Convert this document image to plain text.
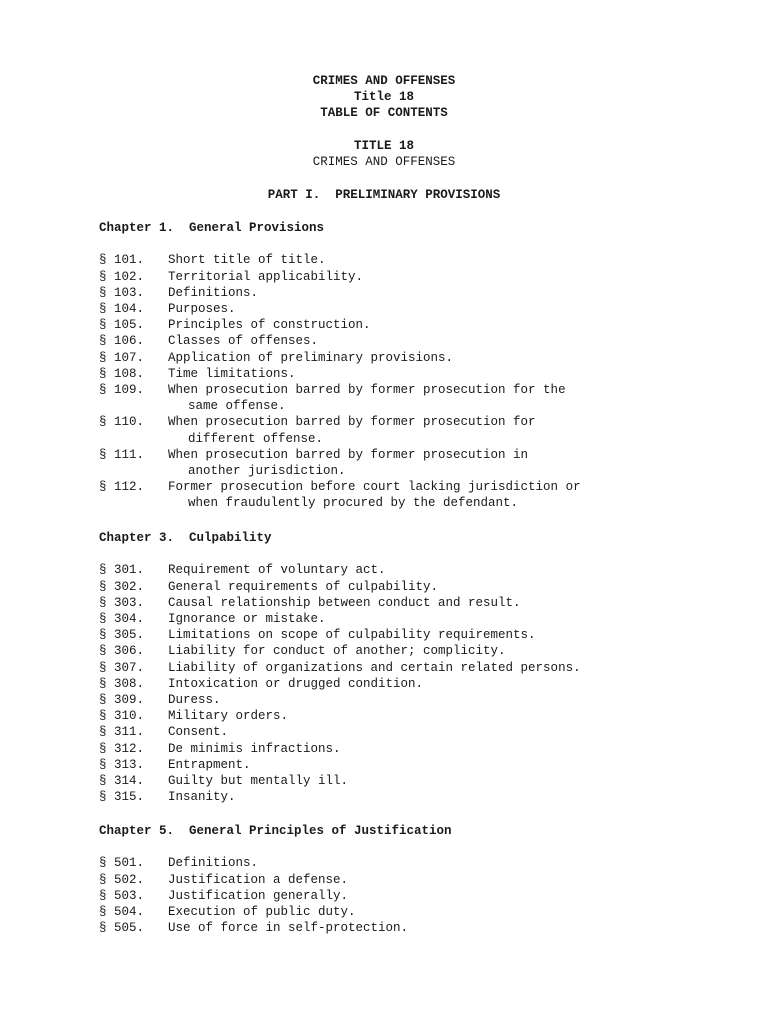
CRIMES AND OFFENSES
Title 18
TABLE OF CONTENTS
TITLE 18
CRIMES AND OFFENSES
PART I.  PRELIMINARY PROVISIONS
Chapter 1.  General Provisions
§ 101. Short title of title.
§ 102. Territorial applicability.
§ 103. Definitions.
§ 104. Purposes.
§ 105. Principles of construction.
§ 106. Classes of offenses.
§ 107. Application of preliminary provisions.
§ 108. Time limitations.
§ 109. When prosecution barred by former prosecution for the
same offense.
§ 110. When prosecution barred by former prosecution for
different offense.
§ 111. When prosecution barred by former prosecution in
another jurisdiction.
§ 112. Former prosecution before court lacking jurisdiction or
when fraudulently procured by the defendant.
Chapter 3.  Culpability
§ 301. Requirement of voluntary act.
§ 302. General requirements of culpability.
§ 303. Causal relationship between conduct and result.
§ 304. Ignorance or mistake.
§ 305. Limitations on scope of culpability requirements.
§ 306. Liability for conduct of another; complicity.
§ 307. Liability of organizations and certain related persons.
§ 308. Intoxication or drugged condition.
§ 309. Duress.
§ 310. Military orders.
§ 311. Consent.
§ 312. De minimis infractions.
§ 313. Entrapment.
§ 314. Guilty but mentally ill.
§ 315. Insanity.
Chapter 5.  General Principles of Justification
§ 501. Definitions.
§ 502. Justification a defense.
§ 503. Justification generally.
§ 504. Execution of public duty.
§ 505. Use of force in self-protection.
